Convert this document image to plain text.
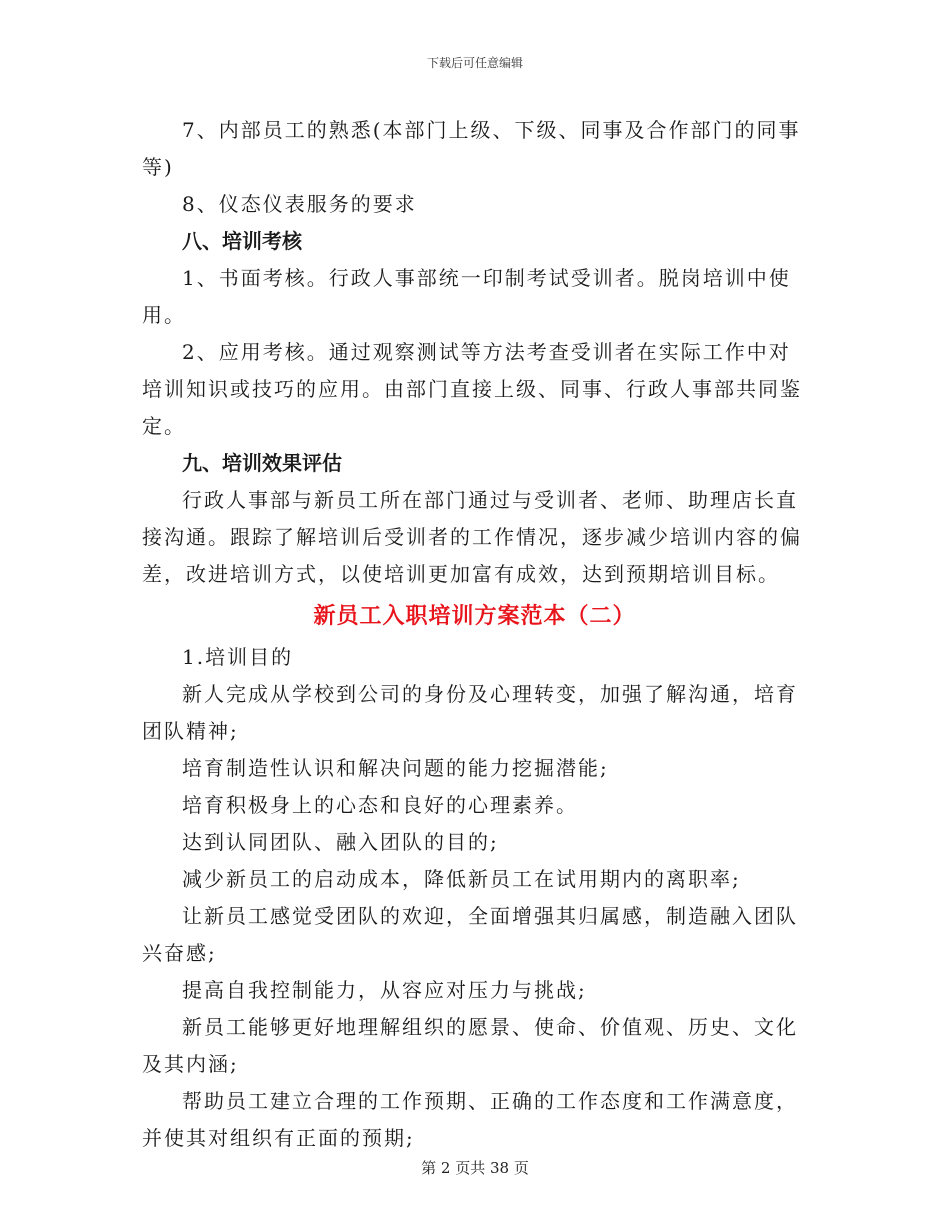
下载后可任意编辑

7、内部员工的熟悉(本部门上级、下级、同事及合作部门的同事等)

8、仪态仪表服务的要求

八、培训考核

1、书面考核。行政人事部统一印制考试受训者。脱岗培训中使用。

2、应用考核。通过观察测试等方法考查受训者在实际工作中对培训知识或技巧的应用。由部门直接上级、同事、行政人事部共同鉴定。

九、培训效果评估

行政人事部与新员工所在部门通过与受训者、老师、助理店长直接沟通。跟踪了解培训后受训者的工作情况，逐步减少培训内容的偏差，改进培训方式，以使培训更加富有成效，达到预期培训目标。

新员工入职培训方案范本（二）

1.培训目的

新人完成从学校到公司的身份及心理转变，加强了解沟通，培育团队精神;

培育制造性认识和解决问题的能力挖掘潜能;

培育积极身上的心态和良好的心理素养。

达到认同团队、融入团队的目的;

减少新员工的启动成本，降低新员工在试用期内的离职率;

让新员工感觉受团队的欢迎，全面增强其归属感，制造融入团队兴奋感;

提高自我控制能力，从容应对压力与挑战;

新员工能够更好地理解组织的愿景、使命、价值观、历史、文化及其内涵;

帮助员工建立合理的工作预期、正确的工作态度和工作满意度，并使其对组织有正面的预期;

第 2 页共 38 页
